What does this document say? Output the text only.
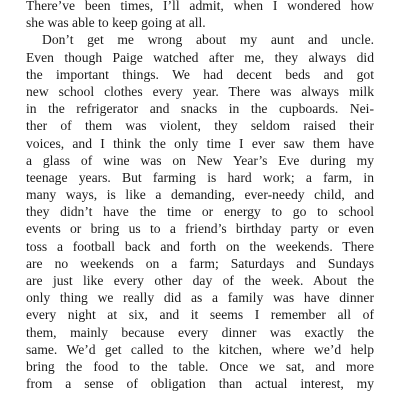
There’ve been times, I’ll admit, when I wondered how
she was able to keep going at all.
Don’t get me wrong about my aunt and uncle.
Even though Paige watched after me, they always did
the important things. We had decent beds and got
new school clothes every year. There was always milk
in the refrigerator and snacks in the cupboards. Nei-
ther of them was violent, they seldom raised their
voices, and I think the only time I ever saw them have
a glass of wine was on New Year’s Eve during my
teenage years. But farming is hard work; a farm, in
many ways, is like a demanding, ever-needy child, and
they didn’t have the time or energy to go to school
events or bring us to a friend’s birthday party or even
toss a football back and forth on the weekends. There
are no weekends on a farm; Saturdays and Sundays
are just like every other day of the week. About the
only thing we really did as a family was have dinner
every night at six, and it seems I remember all of
them, mainly because every dinner was exactly the
same. We’d get called to the kitchen, where we’d help
bring the food to the table. Once we sat, and more
from a sense of obligation than actual interest, my
